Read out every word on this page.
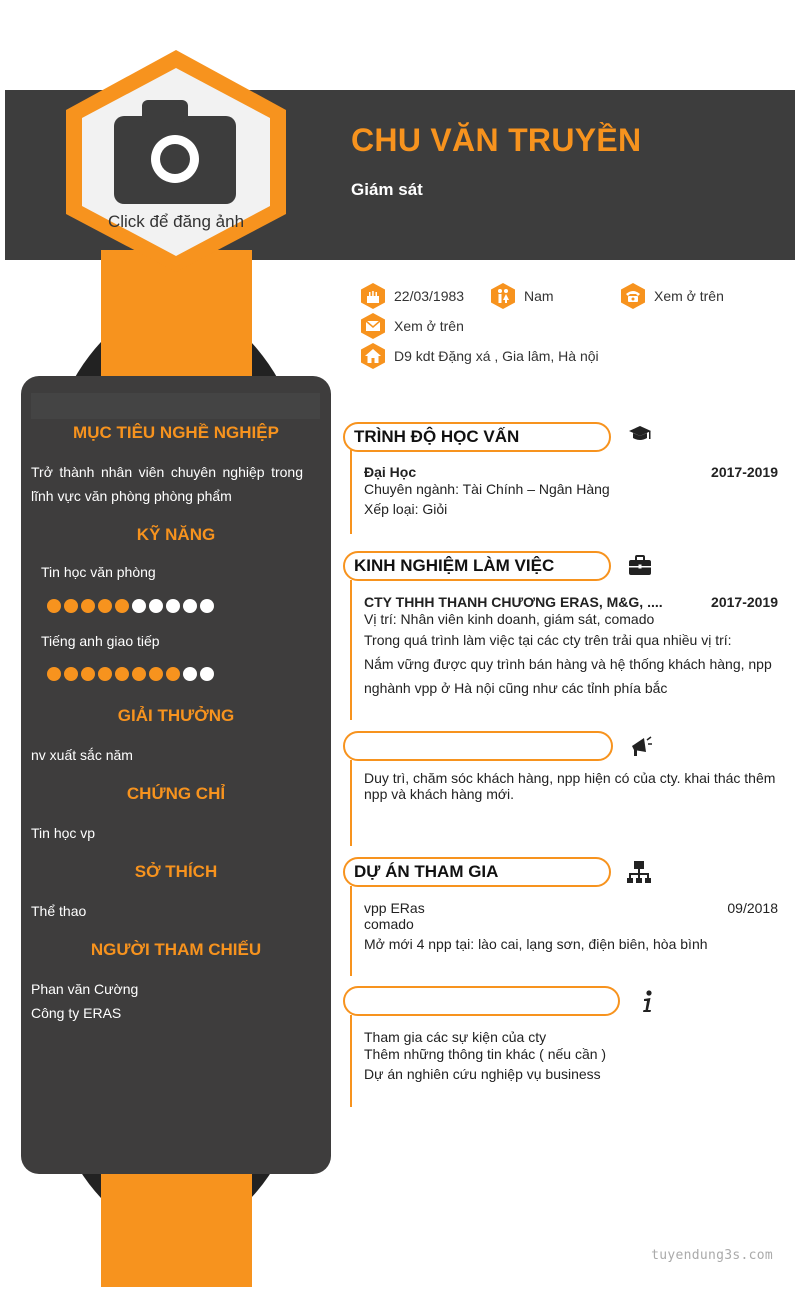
CHU VĂN TRUYỀN
Giám sát
Click để đăng ảnh
MỤC TIÊU NGHỀ NGHIỆP
Trở thành nhân viên chuyên nghiệp trong lĩnh vực văn phòng phòng phẩm
KỸ NĂNG
Tin học văn phòng
Tiếng anh giao tiếp
GIẢI THƯỞNG
nv xuất sắc năm
CHỨNG CHỈ
Tin học vp
SỞ THÍCH
Thể thao
NGƯỜI THAM CHIẾU
Phan văn Cường
Công ty ERAS
22/03/1983	Nam	Xem ở trên
Xem ở trên
D9 kdt Đặng xá , Gia lâm, Hà nội
TRÌNH ĐỘ HỌC VẤN
Đại Học	2017-2019
Chuyên ngành: Tài Chính – Ngân Hàng
Xếp loại: Giỏi
KINH NGHIỆM LÀM VIỆC
CTY THHH THANH CHƯƠNG ERAS, M&G, ....	2017-2019
Vị trí: Nhân viên kinh doanh, giám sát, comado
Trong quá trình làm việc tại các cty trên trải qua nhiều vị trí:
Nắm vững được quy trình bán hàng và hệ thống khách hàng, npp
nghành vpp ở Hà nội cũng như các tỉnh phía bắc
Duy trì, chăm sóc khách hàng, npp hiện có của cty. khai thác thêm
npp và khách hàng mới.
DỰ ÁN THAM GIA
vpp ERas	09/2018
comado
Mở mới 4 npp tại: lào cai, lạng sơn, điện biên, hòa bình
Tham gia các sự kiện của cty
Thêm những thông tin khác ( nếu cần )
Dự án nghiên cứu nghiệp vụ business
tuyendung3s.com
